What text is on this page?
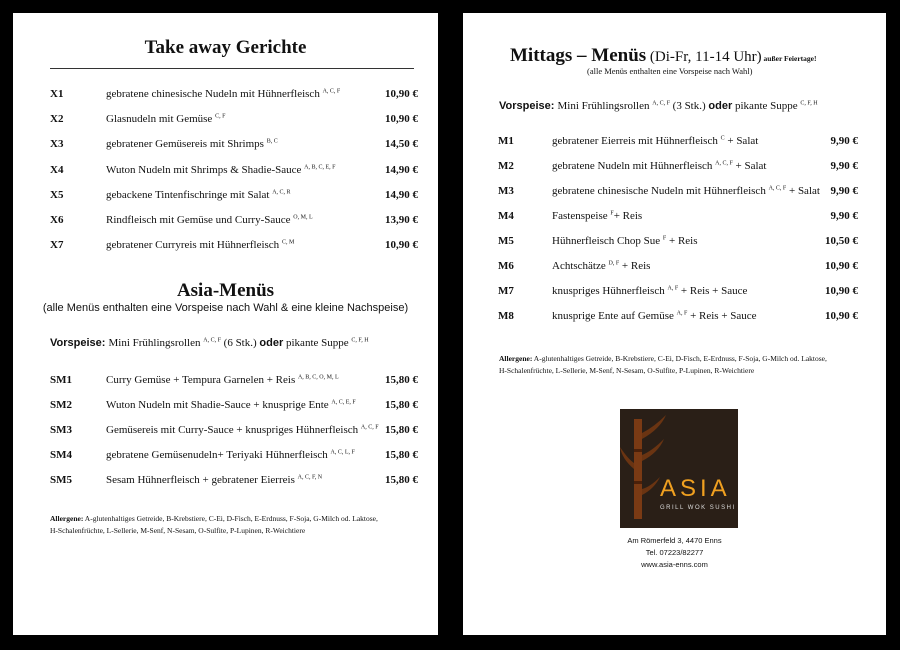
Take away Gerichte
X1	gebratene chinesische Nudeln mit Hühnerfleisch $^{A, C, F}$	10,90 €
X2	Glasnudeln mit Gemüse $^{C, F}$	10,90 €
X3	gebratener Gemüsereis mit Shrimps $^{B, C}$	14,50 €
X4	Wuton Nudeln mit Shrimps & Shadie-Sauce $^{A, B, C, E, F}$	14,90 €
X5	gebackene Tintenfischringe mit Salat $^{A, C, R}$	14,90 €
X6	Rindfleisch mit Gemüse und Curry-Sauce $^{O, M, L}$	13,90 €
X7	gebratener Curryreis mit Hühnerfleisch $^{C, M}$	10,90 €
Asia-Menüs
(alle Menüs enthalten eine Vorspeise nach Wahl & eine kleine Nachspeise)
Vorspeise: Mini Frühlingsrollen $^{A, C, F}$ (6 Stk.) oder pikante Suppe $^{C, F, H}$
SM1	Curry Gemüse + Tempura Garnelen + Reis $^{A, B, C, O, M, L}$	15,80 €
SM2	Wuton Nudeln mit Shadie-Sauce + knusprige Ente $^{A, C, E, F}$	15,80 €
SM3	Gemüsereis mit Curry-Sauce + knuspriges Hühnerfleisch $^{A, C, F}$ 15,80 €
SM4	gebratene Gemüsenudeln+ Teriyaki Hühnerfleisch $^{A, C, L, F}$	15,80 €
SM5	Sesam Hühnerfleisch + gebratener Eierreis $^{A, C, F, N}$	15,80 €
Allergene: A-glutenhaltiges Getreide, B-Krebstiere, C-Ei, D-Fisch, E-Erdnuss, F-Soja, G-Milch od. Laktose,
H-Schalenfrüchte, L-Sellerie, M-Senf, N-Sesam, O-Sulfite, P-Lupinen, R-Weichtiere
Mittags – Menüs (Di-Fr, 11-14 Uhr) außer Feiertage!
(alle Menüs enthalten eine Vorspeise nach Wahl)
Vorspeise: Mini Frühlingsrollen $^{A, C, F}$ (3 Stk.) oder pikante Suppe $^{C, F, H}$
M1	gebratener Eierreis mit Hühnerfleisch $^C$ + Salat	9,90 €
M2	gebratene Nudeln mit Hühnerfleisch $^{A, C, F}$ + Salat	9,90 €
M3	gebratene chinesische Nudeln mit Hühnerfleisch $^{A, C, F}$ + Salat 9,90 €
M4	Fastenspeise $^F$+ Reis	9,90 €
M5	Hühnerfleisch Chop Sue $^F$ + Reis	10,50 €
M6	Achtschätze $^{D, F}$ + Reis	10,90 €
M7	knuspriges Hühnerfleisch $^{A, F}$ + Reis + Sauce	10,90 €
M8	knusprige Ente auf Gemüse $^{A, F}$ + Reis + Sauce	10,90 €
Allergene: A-glutenhaltiges Getreide, B-Krebstiere, C-Ei, D-Fisch, E-Erdnuss, F-Soja, G-Milch od. Laktose,
H-Schalenfrüchte, L-Sellerie, M-Senf, N-Sesam, O-Sulfite, P-Lupinen, R-Weichtiere
ASIA
GRILL WOK SUSHI
Am Römerfeld 3, 4470 Enns
Tel. 07223/82277
www.asia-enns.com
